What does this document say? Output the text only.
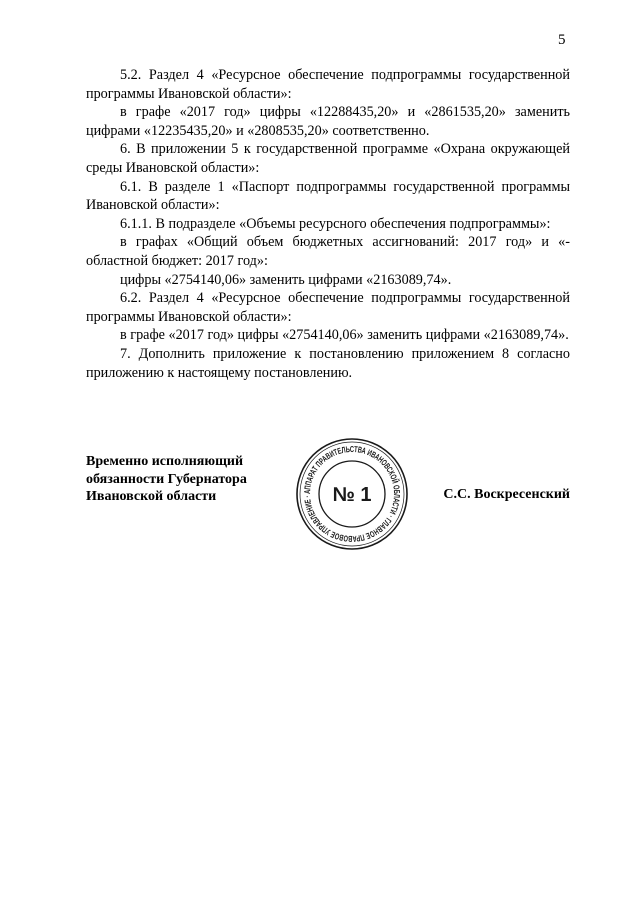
5

5.2. Раздел 4 «Ресурсное обеспечение подпрограммы государственной программы Ивановской области»:

в графе «2017 год» цифры «12288435,20» и «2861535,20» заменить цифрами «12235435,20» и «2808535,20» соответственно.

6. В приложении 5 к государственной программе «Охрана окружающей среды Ивановской области»:

6.1. В разделе 1 «Паспорт подпрограммы государственной программы Ивановской области»:

6.1.1. В подразделе «Объемы ресурсного обеспечения подпрограммы»:

в графах «Общий объем бюджетных ассигнований: 2017 год» и «- областной бюджет: 2017 год»:

цифры «2754140,06» заменить цифрами «2163089,74».

6.2. Раздел 4 «Ресурсное обеспечение подпрограммы государственной программы Ивановской области»:

в графе «2017 год» цифры «2754140,06» заменить цифрами «2163089,74».

7. Дополнить приложение к постановлению приложением 8 согласно приложению к настоящему постановлению.

Временно исполняющий
обязанности Губернатора
Ивановской области	АППАРАТ ПРАВИТЕЛЬСТВА ИВАНОВСКОЙ ОБЛАСТИ · ГЛАВНОЕ ПРАВОВОЕ УПРАВЛЕНИЕ ·	№ 1	С.С. Воскресенский
